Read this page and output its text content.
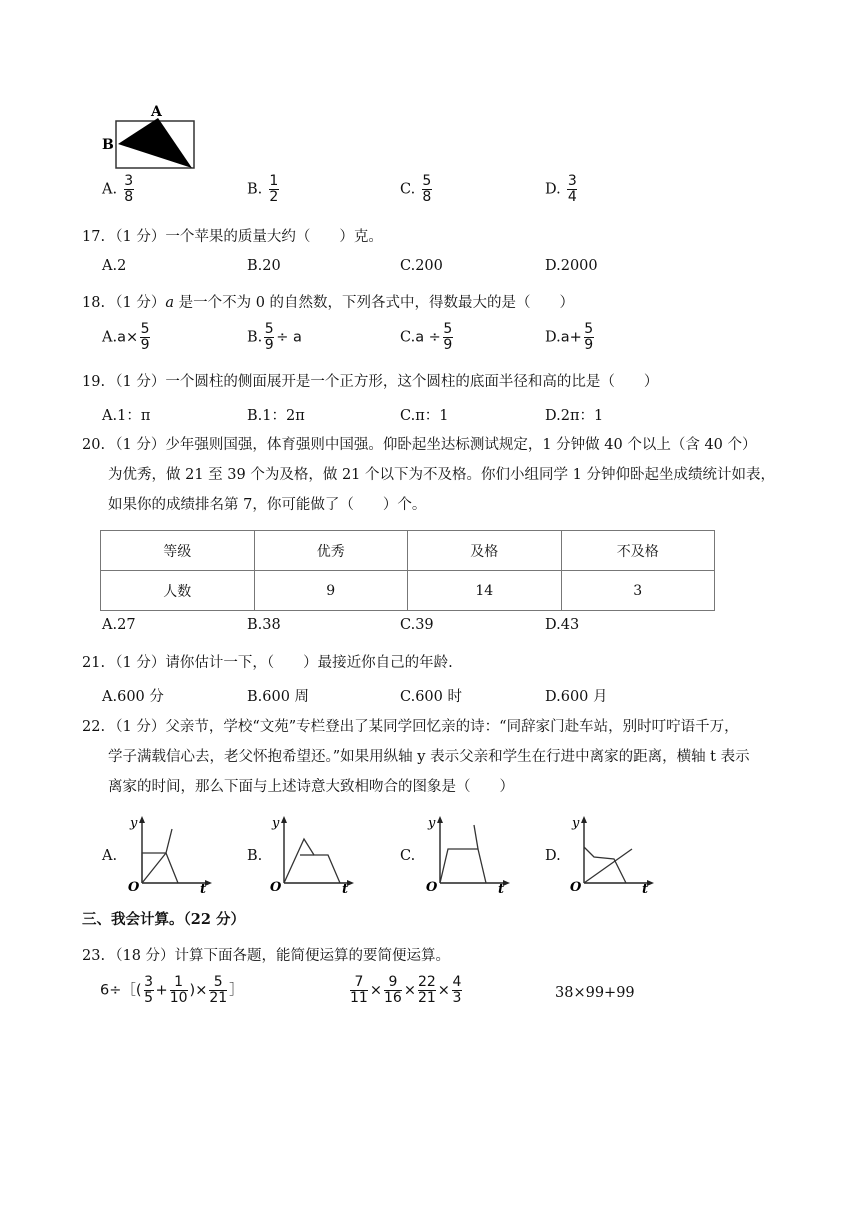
A
B
A. $\frac{3}{8}$	B. $\frac{1}{2}$	C. $\frac{5}{8}$	D. $\frac{3}{4}$
17. （1 分）一个苹果的质量大约（　　）克。
A.2	B.20	C.200	D.2000
18. （1 分）a 是一个不为 0 的自然数，下列各式中，得数最大的是（　　）
$A.a\times \frac{5}{9}$	B. $\frac{5}{9} \div a$	$C.a \div \frac{5}{9}$	$D.a+ \frac{5}{9}$
19. （1 分）一个圆柱的侧面展开是一个正方形，这个圆柱的底面半径和高的比是（　　）
A.1：π	B.1：2π	C.π：1	D.2π：1
20. （1 分）少年强则国强，体育强则中国强。仰卧起坐达标测试规定，1 分钟做 40 个以上（含 40 个）
为优秀，做 21 至 39 个为及格，做 21 个以下为不及格。你们小组同学 1 分钟仰卧起坐成绩统计如表，
如果你的成绩排名第 7，你可能做了（　　）个。
等级	优秀	及格	不及格
人数	9	14	3
A.27	B.38	C.39	D.43
21. （1 分）请你估计一下，（　　）最接近你自己的年龄.
A.600 分	B.600 周	C.600 时	D.600 月
22. （1 分）父亲节，学校“文苑”专栏登出了某同学回忆亲的诗：“同辞家门赴车站，别时叮咛语千万，
学子满载信心去，老父怀抱希望还。”如果用纵轴 y 表示父亲和学生在行进中离家的距离，横轴 t 表示
离家的时间，那么下面与上述诗意大致相吻合的图象是（　　）
A.
y
t
O
B.
y
t
O
C.
y
t
O
D.
y
t
O
三、我会计算。（22 分）
23. （18 分）计算下面各题，能简便运算的要简便运算。
6÷［( $\frac{3}{5} + \frac{1}{10}$ )× $\frac{5}{21}$ ］	$\frac{7}{11} \times \frac{9}{16} \times \frac{22}{21} \times \frac{4}{3}$	38×99+99
